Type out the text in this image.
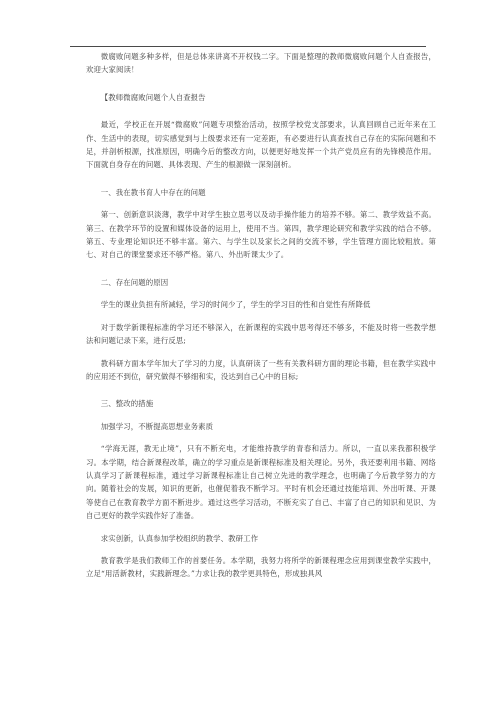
微腐败问题多种多样，但是总体来讲离不开权钱二字。下面是整理的教师微腐败问题个人自查报告，欢迎大家阅读！

【教师微腐败问题个人自查报告

最近，学校正在开展“微腐败”问题专项整治活动，按照学校党支部要求，认真回顾自己近年来在工作、生活中的表现，切实感觉到与上级要求还有一定差距，有必要进行认真查找自己存在的实际问题和不足，并剖析根源，找准原因，明确今后的整改方向，以便更好地发挥一个共产党员应有的先锋模范作用。下面就自身存在的问题、具体表现、产生的根源做一深刻剖析。

一、我在教书育人中存在的问题

第一、创新意识淡薄，教学中对学生独立思考以及动手操作能力的培养不够。第二、教学效益不高。第三、在教学环节的设置和媒体设备的运用上，使用不当。第四，教学理论研究和教学实践的结合不够。第五、专业理论知识还不够丰富。第六、与学生以及家长之间的交流不够，学生管理方面比较粗放。第七、对自己的课堂要求还不够严格。第八、外出听课太少了。

二、存在问题的原因

学生的课业负担有所减轻，学习的时间少了，学生的学习目的性和自觉性有所降低

对于数学新课程标准的学习还不够深入，在新课程的实践中思考得还不够多，不能及时将一些教学想法和问题记录下来，进行反思;

教科研方面本学年加大了学习的力度，认真研读了一些有关教科研方面的理论书籍，但在教学实践中的应用还不到位，研究做得不够细和实，没达到自己心中的目标;

三、整改的措施

加强学习，不断提高思想业务素质

“学海无涯，教无止境”，只有不断充电，才能维持教学的青春和活力。所以，一直以来我都积极学习。本学期，结合新课程改革，确立的学习重点是新课程标准及相关理论。另外，我还要利用书籍、网络认真学习了新课程标准，通过学习新课程标准让自己树立先进的教学理念，也明确了今后教学努力的方向。随着社会的发展，知识的更新，也催促着我不断学习。平时有机会还通过技能培训、外出听课、开课等使自己在教育教学方面不断进步。通过这些学习活动，不断充实了自己、丰富了自己的知识和见识、为自己更好的教学实践作好了准备。

求实创新，认真参加学校组织的教学、教研工作

教育教学是我们教师工作的首要任务。本学期，我努力将所学的新课程理念应用到课堂教学实践中，立足“用活新教材，实践新理念。”力求让我的教学更具特色，形成独具风
